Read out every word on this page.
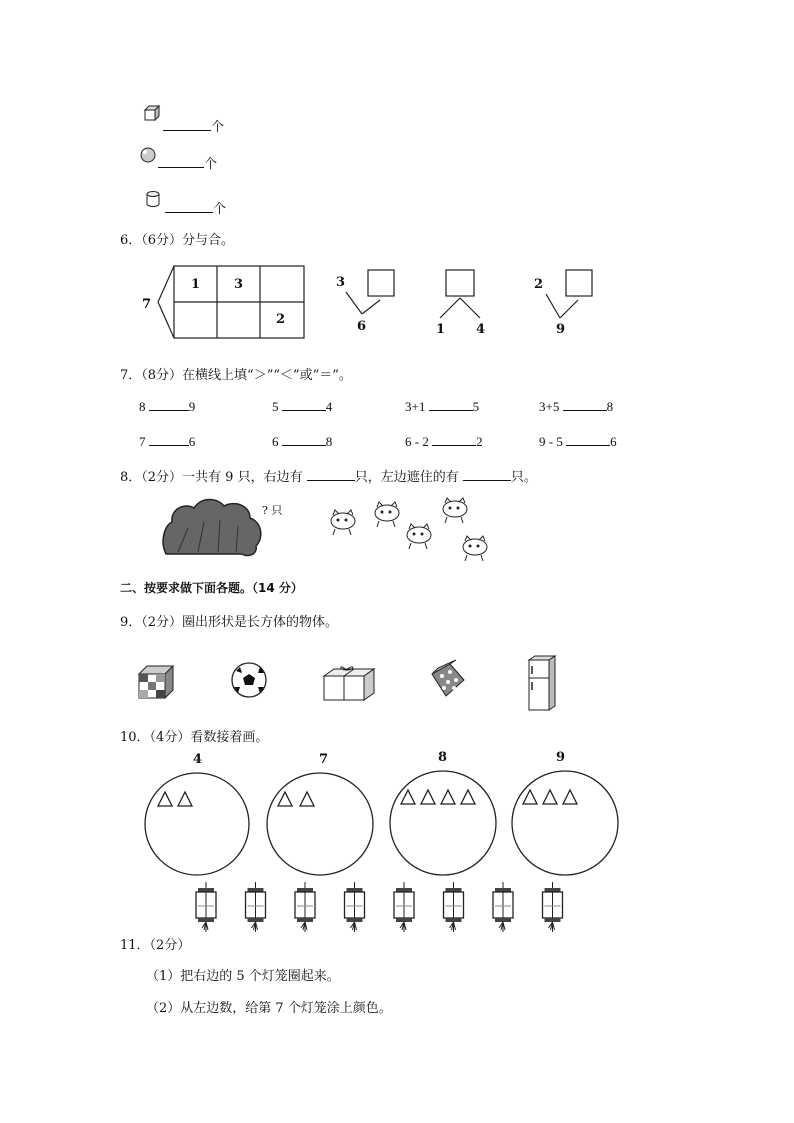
个
个
个
6．（6分）分与合。
7
1	3
2
3
6	1 4
2
9
7．（8分）在横线上填“＞”“＜”或“＝”。
8	9	5	4	3+1	5	3+5	8
7	6	6	8	6 - 2	2	9 - 5	6
8．（2分）一共有 9 只，右边有	只，左边遮住的有	只。
? 只
二、按要求做下面各题。（14 分）
9．（2分）圈出形状是长方体的物体。
10．（4分）看数接着画。
4	7	8	9
11．（2分）
（1）把右边的 5 个灯笼圈起来。
（2）从左边数，给第 7 个灯笼涂上颜色。
